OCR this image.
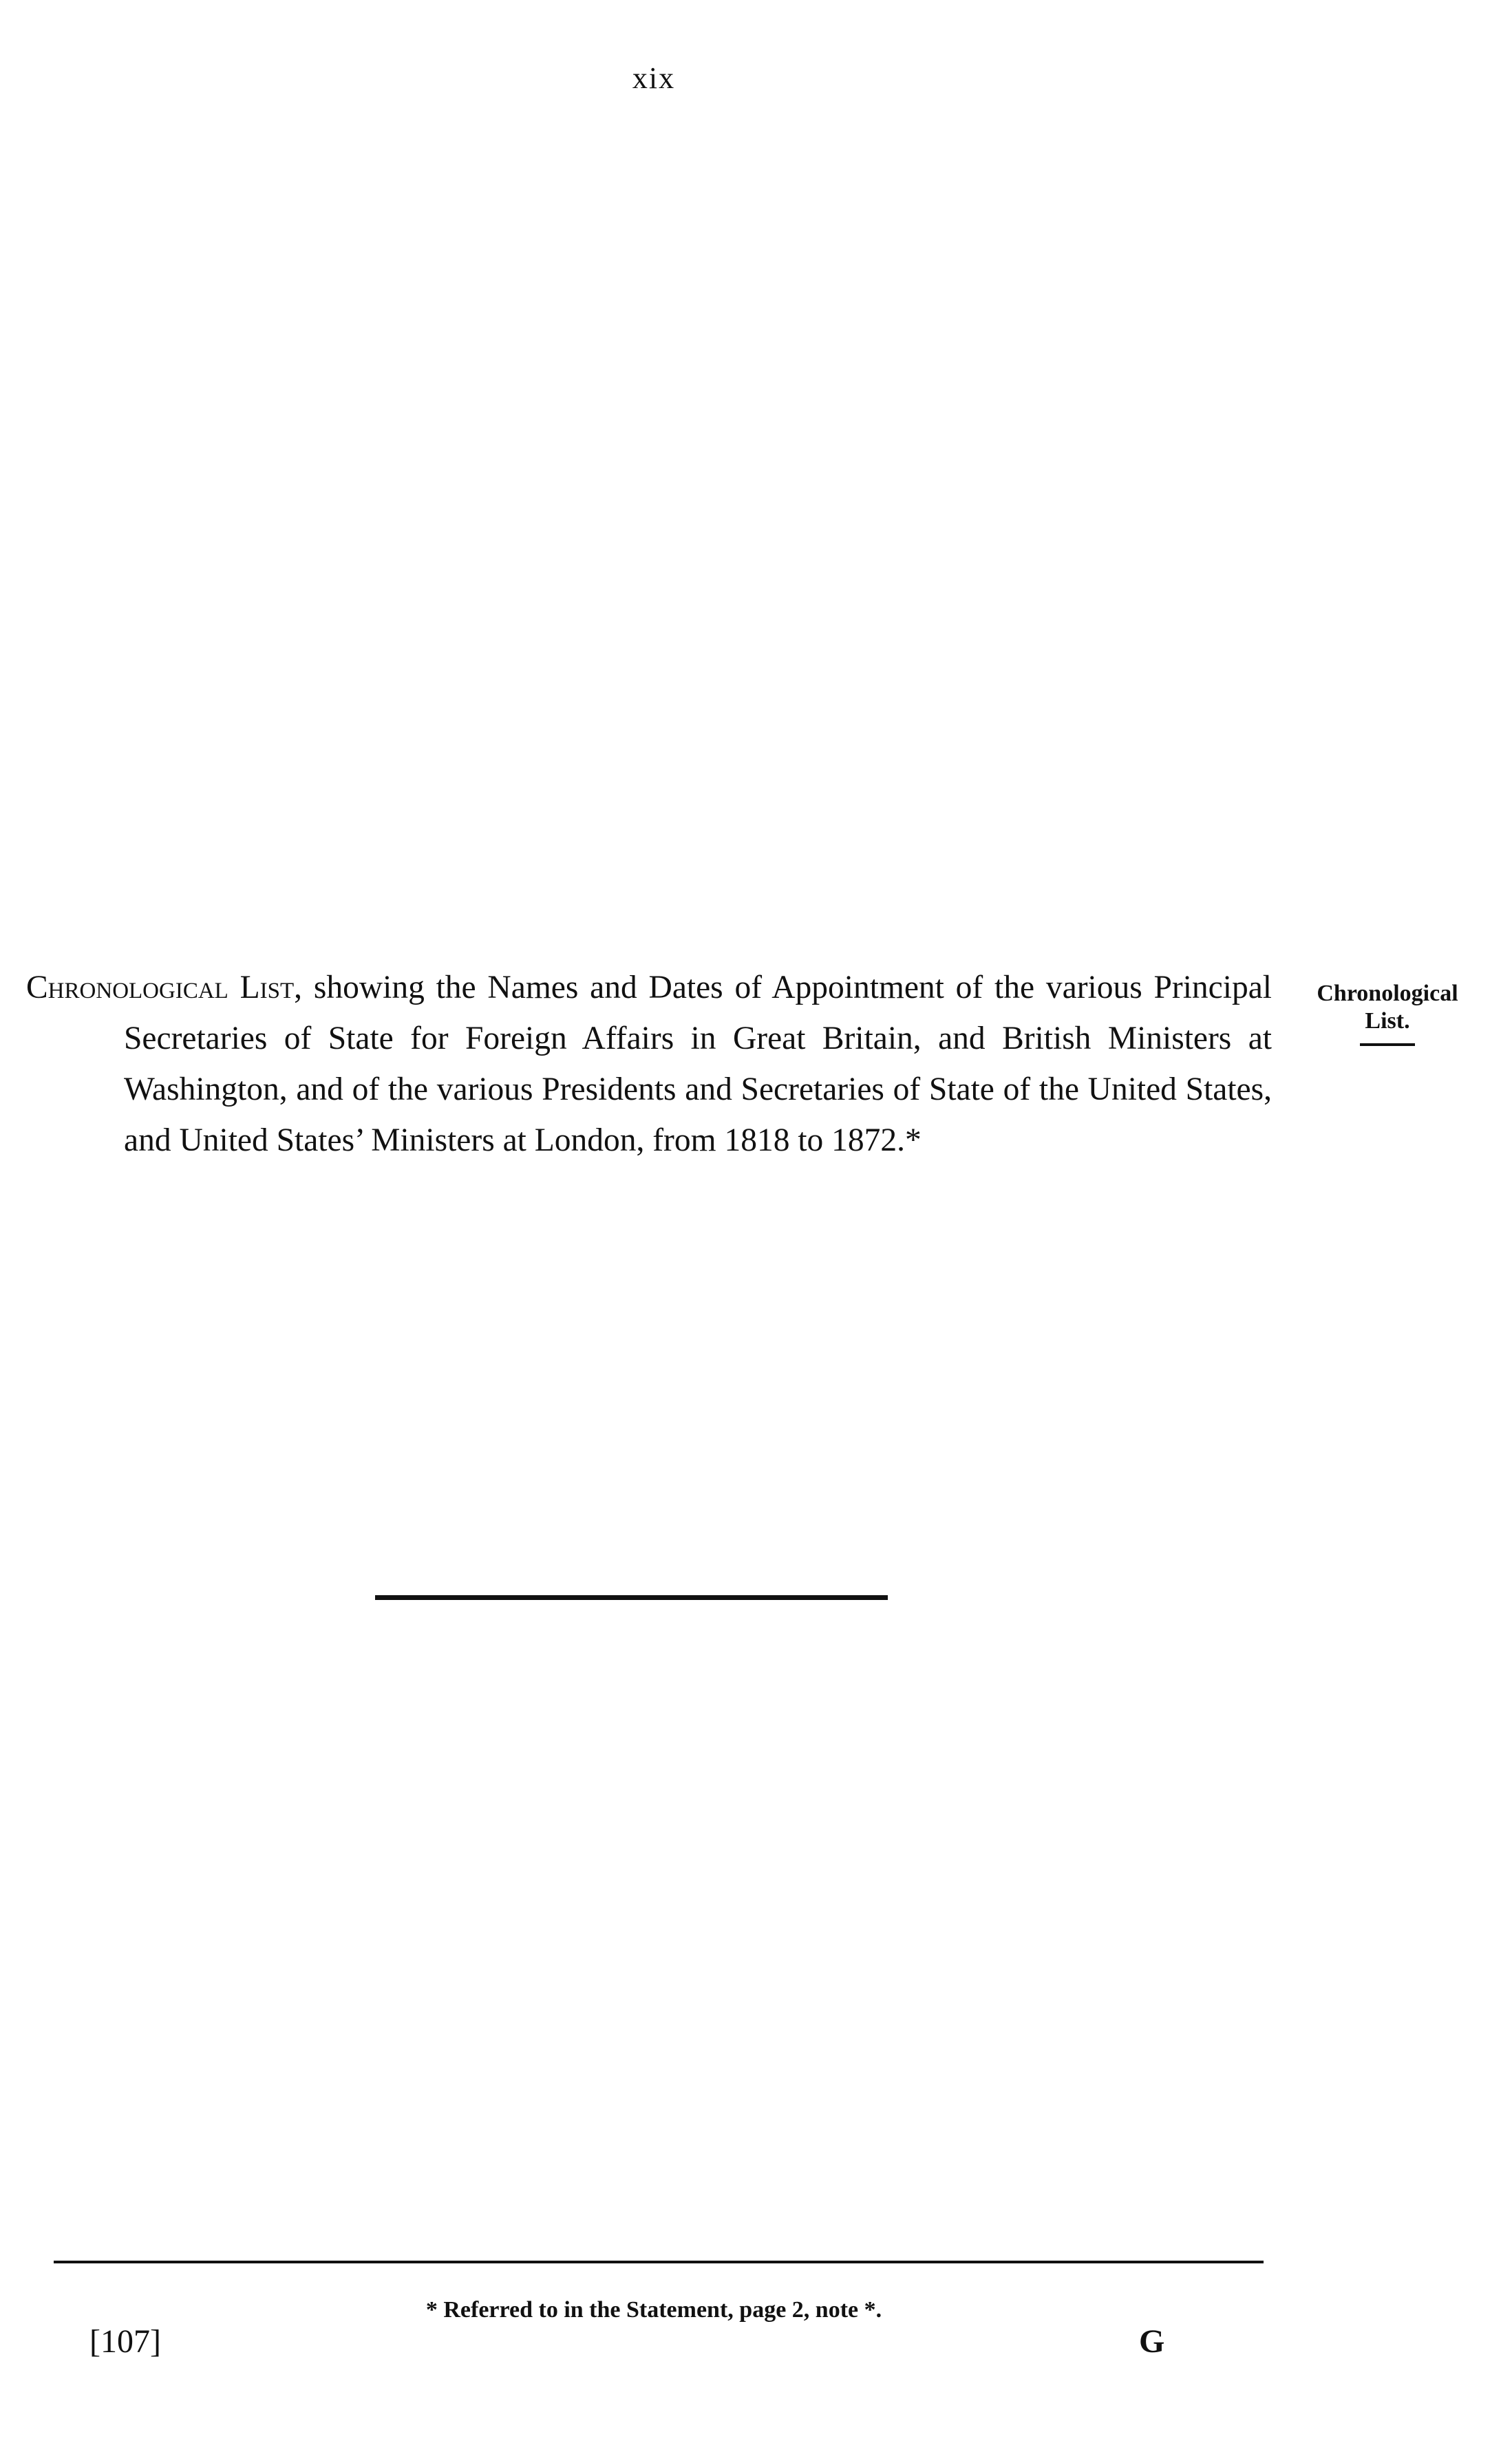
xix

Chronological List, showing the Names and Dates of Appointment of the various Principal Secretaries of State for Foreign Affairs in Great Britain, and British Ministers at Washington, and of the various Presidents and Secretaries of State of the United States, and United States’ Ministers at London, from 1818 to 1872.*

Chronological
List.
* Referred to in the Statement, page 2, note *.
[107]	G
